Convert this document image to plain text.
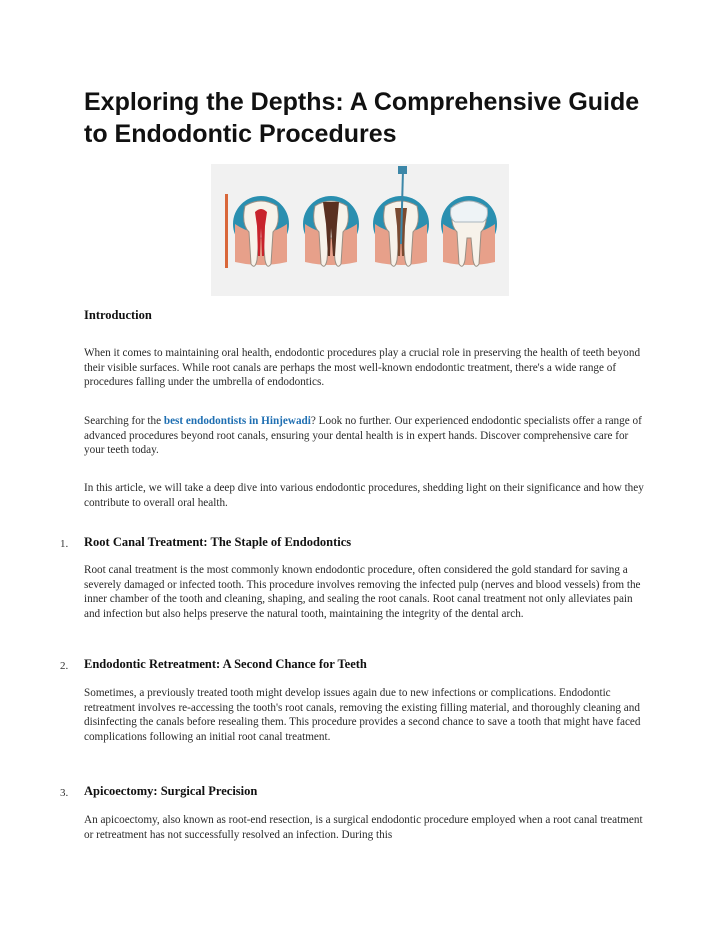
Exploring the Depths: A Comprehensive Guide to Endodontic Procedures

Introduction

When it comes to maintaining oral health, endodontic procedures play a crucial role in preserving the health of teeth beyond their visible surfaces. While root canals are perhaps the most well-known endodontic treatment, there's a wide range of procedures falling under the umbrella of endodontics.

Searching for the best endodontists in Hinjewadi? Look no further. Our experienced endodontic specialists offer a range of advanced procedures beyond root canals, ensuring your dental health is in expert hands. Discover comprehensive care for your teeth today.

In this article, we will take a deep dive into various endodontic procedures, shedding light on their significance and how they contribute to overall oral health.

1. Root Canal Treatment: The Staple of Endodontics

Root canal treatment is the most commonly known endodontic procedure, often considered the gold standard for saving a severely damaged or infected tooth. This procedure involves removing the infected pulp (nerves and blood vessels) from the inner chamber of the tooth and cleaning, shaping, and sealing the root canals. Root canal treatment not only alleviates pain and infection but also helps preserve the natural tooth, maintaining the integrity of the dental arch.

2. Endodontic Retreatment: A Second Chance for Teeth

Sometimes, a previously treated tooth might develop issues again due to new infections or complications. Endodontic retreatment involves re-accessing the tooth's root canals, removing the existing filling material, and thoroughly cleaning and disinfecting the canals before resealing them. This procedure provides a second chance to save a tooth that might have faced complications following an initial root canal treatment.

3. Apicoectomy: Surgical Precision

An apicoectomy, also known as root-end resection, is a surgical endodontic procedure employed when a root canal treatment or retreatment has not successfully resolved an infection. During this
